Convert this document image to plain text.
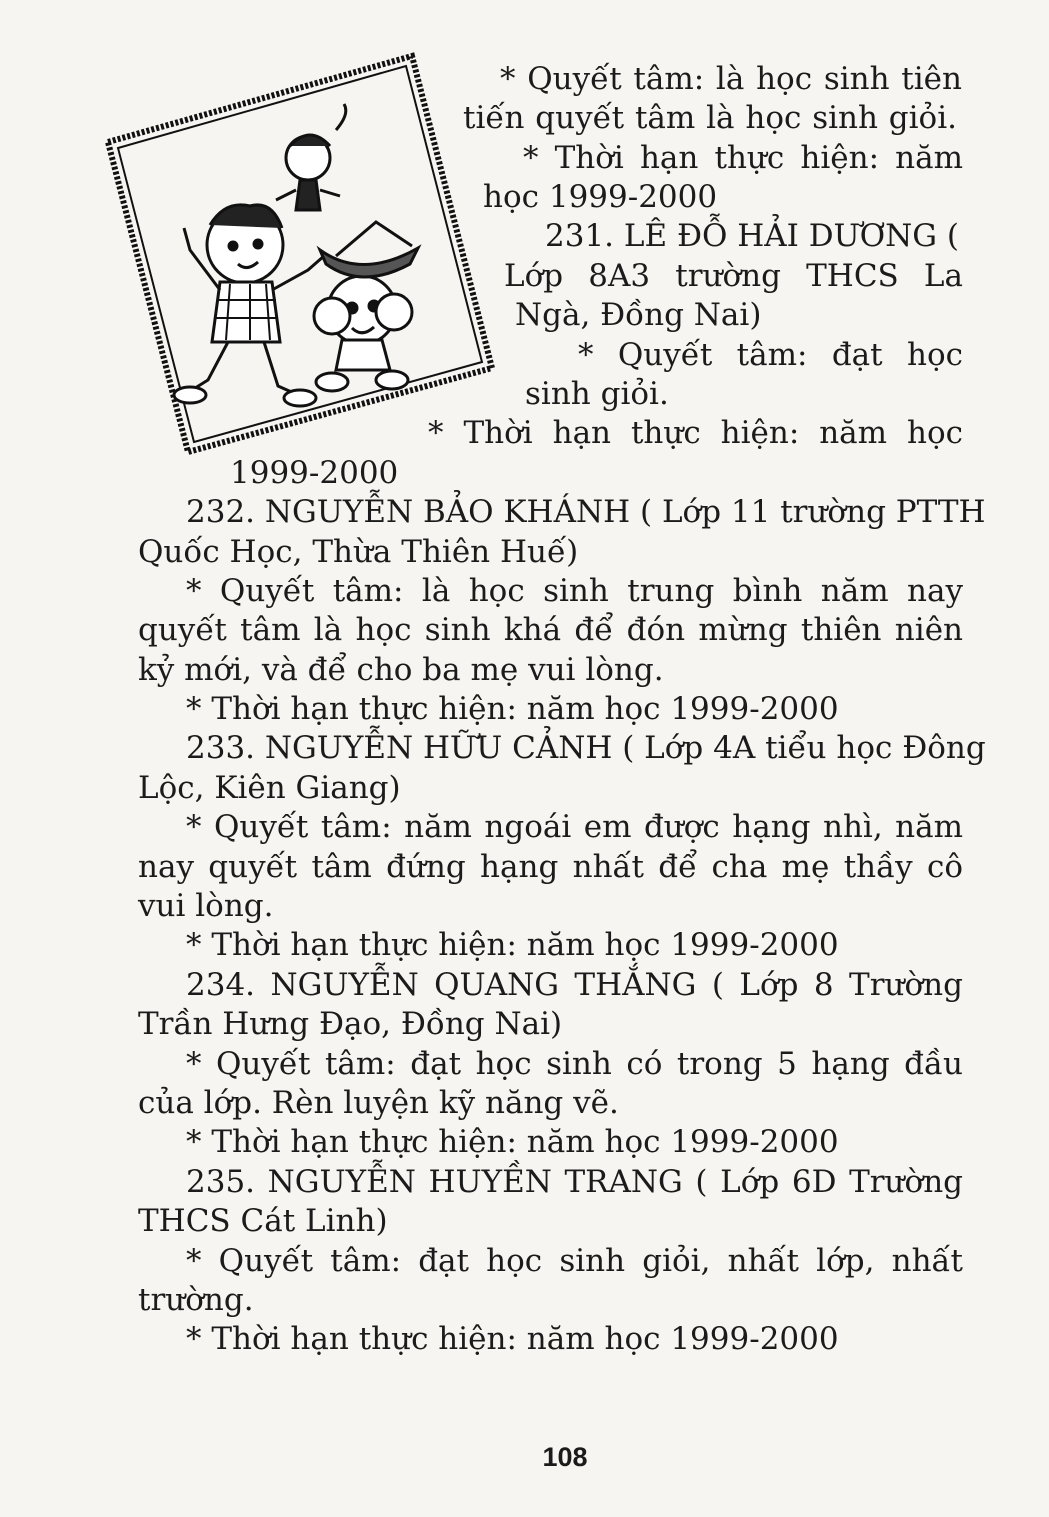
* Quyết tâm: là học sinh tiên
tiến quyết tâm là học sinh giỏi.
* Thời hạn thực hiện: năm
học 1999-2000
231. LÊ ĐỖ HẢI DƯƠNG (
Lớp 8A3 trường THCS La
Ngà, Đồng Nai)
* Quyết tâm: đạt học
sinh giỏi.
* Thời hạn thực hiện: năm học
1999-2000
232. NGUYỄN BẢO KHÁNH ( Lớp 11 trường PTTH
Quốc Học, Thừa Thiên Huế)
* Quyết tâm: là học sinh trung bình năm nay
quyết tâm là học sinh khá để đón mừng thiên niên
kỷ mới, và để cho ba mẹ vui lòng.
* Thời hạn thực hiện: năm học 1999-2000
233. NGUYỄN HỮU CẢNH ( Lớp 4A tiểu học Đông
Lộc, Kiên Giang)
* Quyết tâm: năm ngoái em được hạng nhì, năm
nay quyết tâm đứng hạng nhất để cha mẹ thầy cô
vui lòng.
* Thời hạn thực hiện: năm học 1999-2000
234. NGUYỄN QUANG THẮNG ( Lớp 8 Trường
Trần Hưng Đạo, Đồng Nai)
* Quyết tâm: đạt học sinh có trong 5 hạng đầu
của lớp. Rèn luyện kỹ năng vẽ.
* Thời hạn thực hiện: năm học 1999-2000
235. NGUYỄN HUYỀN TRANG ( Lớp 6D Trường
THCS Cát Linh)
* Quyết tâm: đạt học sinh giỏi, nhất lớp, nhất
trường.
* Thời hạn thực hiện: năm học 1999-2000
108
